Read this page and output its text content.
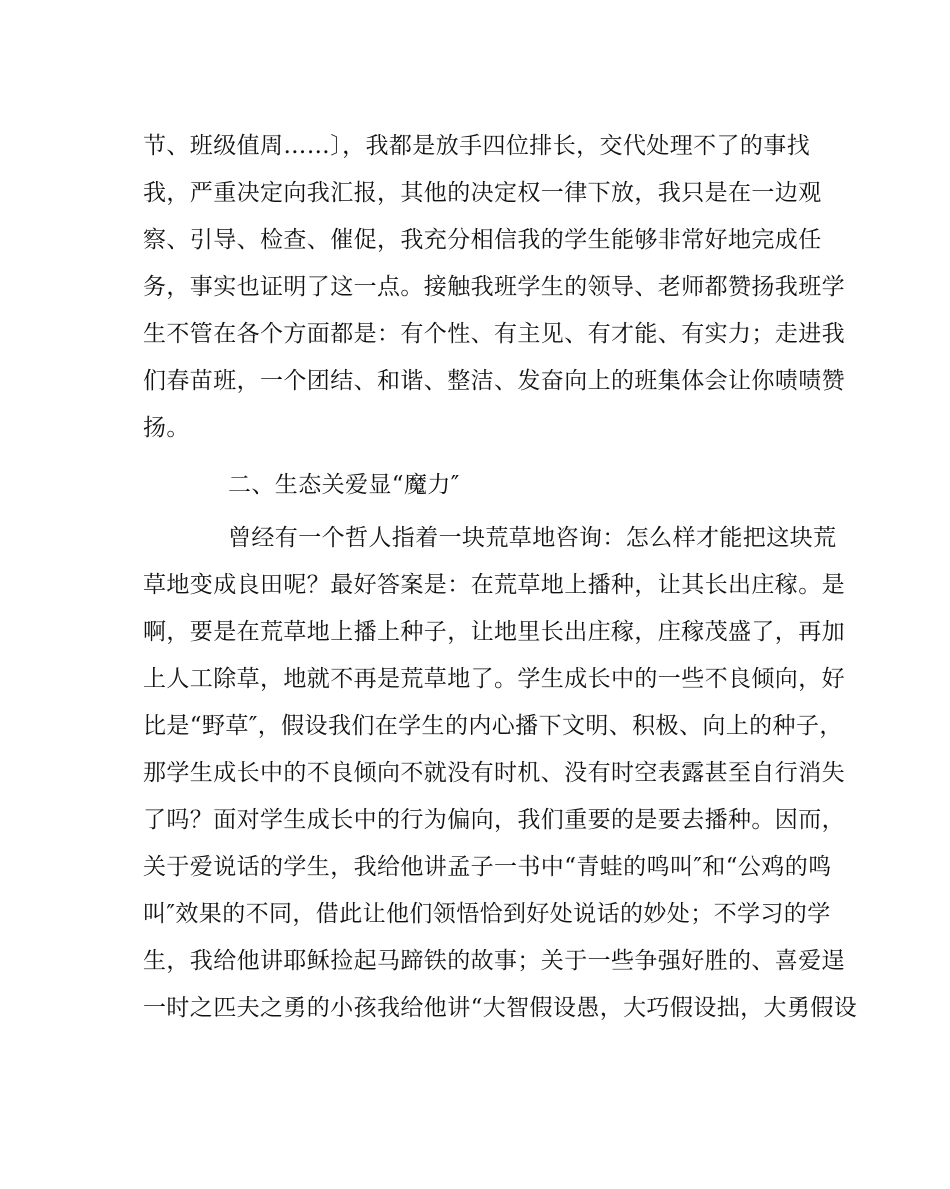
节、班级值周……〕，我都是放手四位排长，交代处理不了的事找
我，严重决定向我汇报，其他的决定权一律下放，我只是在一边观
察、引导、检查、催促，我充分相信我的学生能够非常好地完成任
务，事实也证明了这一点。接触我班学生的领导、老师都赞扬我班学
生不管在各个方面都是：有个性、有主见、有才能、有实力；走进我
们春苗班，一个团结、和谐、整洁、发奋向上的班集体会让你啧啧赞
扬。
二、生态关爱显“魔力″
曾经有一个哲人指着一块荒草地咨询：怎么样才能把这块荒
草地变成良田呢？最好答案是：在荒草地上播种，让其长出庄稼。是
啊，要是在荒草地上播上种子，让地里长出庄稼，庄稼茂盛了，再加
上人工除草，地就不再是荒草地了。学生成长中的一些不良倾向，好
比是“野草″，假设我们在学生的内心播下文明、积极、向上的种子，
那学生成长中的不良倾向不就没有时机、没有时空表露甚至自行消失
了吗？面对学生成长中的行为偏向，我们重要的是要去播种。因而，
关于爱说话的学生，我给他讲孟子一书中“青蛙的鸣叫″和“公鸡的鸣
叫″效果的不同，借此让他们领悟恰到好处说话的妙处；不学习的学
生，我给他讲耶稣捡起马蹄铁的故事；关于一些争强好胜的、喜爱逞
一时之匹夫之勇的小孩我给他讲“大智假设愚，大巧假设拙，大勇假设
